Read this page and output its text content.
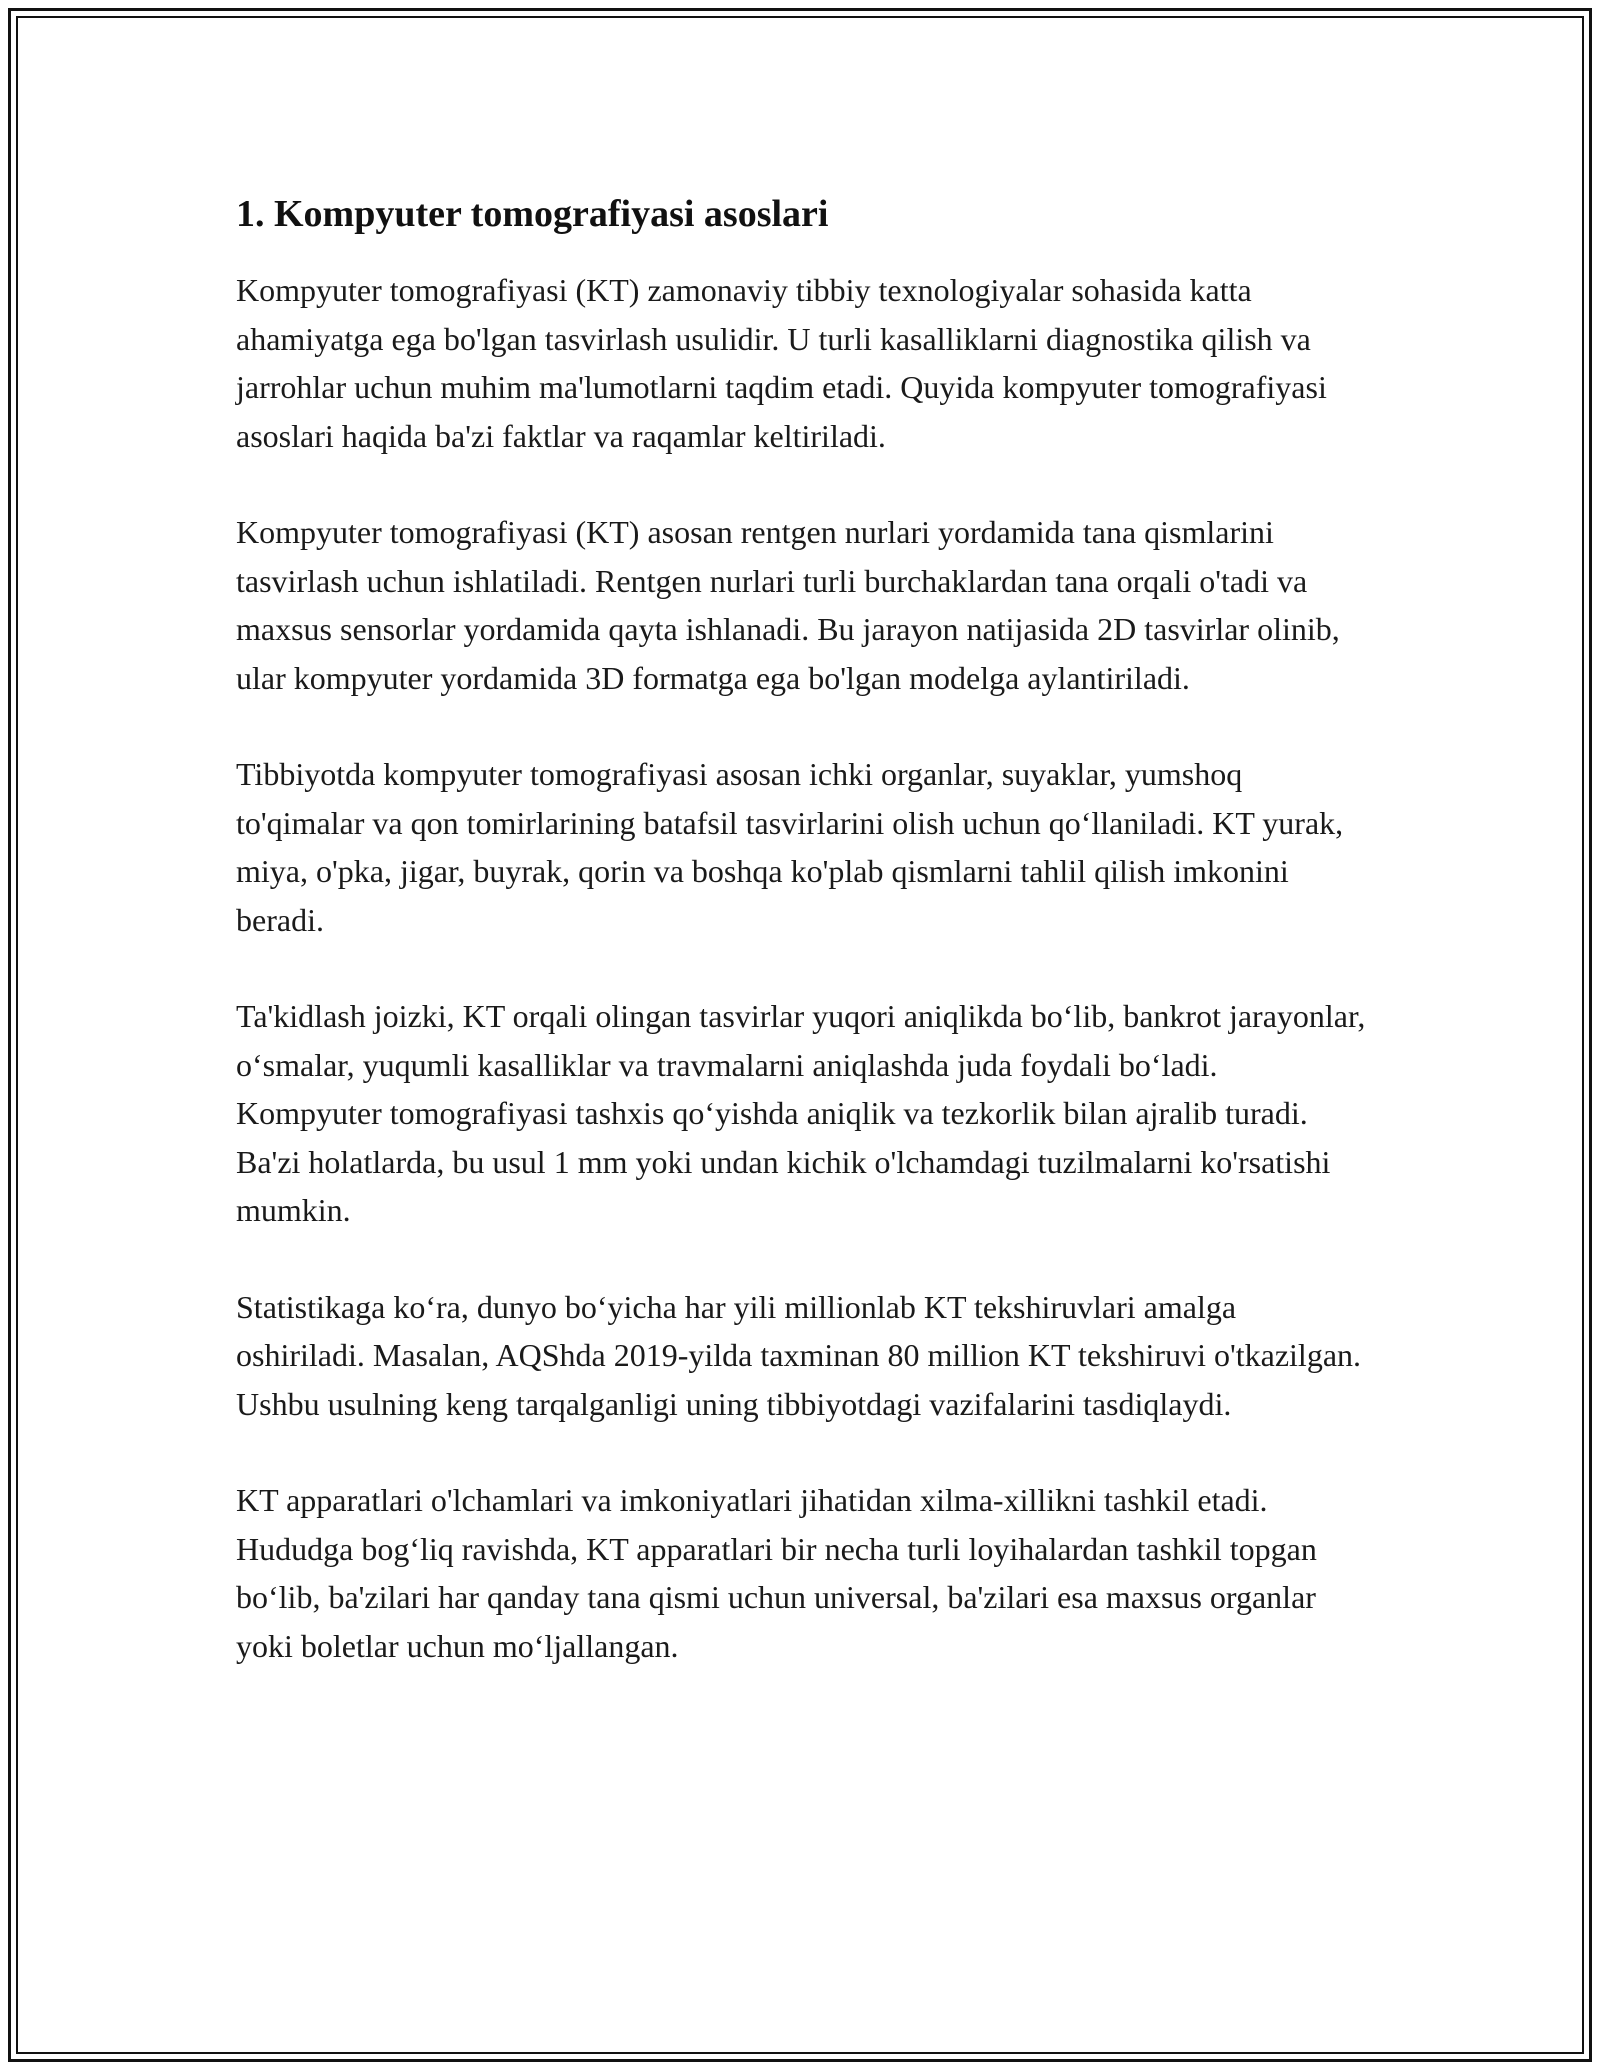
1. Kompyuter tomografiyasi asoslari

Kompyuter tomografiyasi (KT) zamonaviy tibbiy texnologiyalar sohasida katta ahamiyatga ega bo'lgan tasvirlash usulidir. U turli kasalliklarni diagnostika qilish va jarrohlar uchun muhim ma'lumotlarni taqdim etadi. Quyida kompyuter tomografiyasi asoslari haqida ba'zi faktlar va raqamlar keltiriladi.

Kompyuter tomografiyasi (KT) asosan rentgen nurlari yordamida tana qismlarini tasvirlash uchun ishlatiladi. Rentgen nurlari turli burchaklardan tana orqali o'tadi va maxsus sensorlar yordamida qayta ishlanadi. Bu jarayon natijasida 2D tasvirlar olinib, ular kompyuter yordamida 3D formatga ega bo'lgan modelga aylantiriladi.

Tibbiyotda kompyuter tomografiyasi asosan ichki organlar, suyaklar, yumshoq to'qimalar va qon tomirlarining batafsil tasvirlarini olish uchun qo‘llaniladi. KT yurak, miya, o'pka, jigar, buyrak, qorin va boshqa ko'plab qismlarni tahlil qilish imkonini beradi.

Ta'kidlash joizki, KT orqali olingan tasvirlar yuqori aniqlikda bo‘lib, bankrot jarayonlar, o‘smalar, yuqumli kasalliklar va travmalarni aniqlashda juda foydali bo‘ladi. Kompyuter tomografiyasi tashxis qo‘yishda aniqlik va tezkorlik bilan ajralib turadi. Ba'zi holatlarda, bu usul 1 mm yoki undan kichik o'lchamdagi tuzilmalarni ko'rsatishi mumkin.

Statistikaga ko‘ra, dunyo bo‘yicha har yili millionlab KT tekshiruvlari amalga oshiriladi. Masalan, AQShda 2019-yilda taxminan 80 million KT tekshiruvi o'tkazilgan. Ushbu usulning keng tarqalganligi uning tibbiyotdagi vazifalarini tasdiqlaydi.

KT apparatlari o'lchamlari va imkoniyatlari jihatidan xilma-xillikni tashkil etadi. Hududga bog‘liq ravishda, KT apparatlari bir necha turli loyihalardan tashkil topgan bo‘lib, ba'zilari har qanday tana qismi uchun universal, ba'zilari esa maxsus organlar yoki boletlar uchun mo‘ljallangan.
